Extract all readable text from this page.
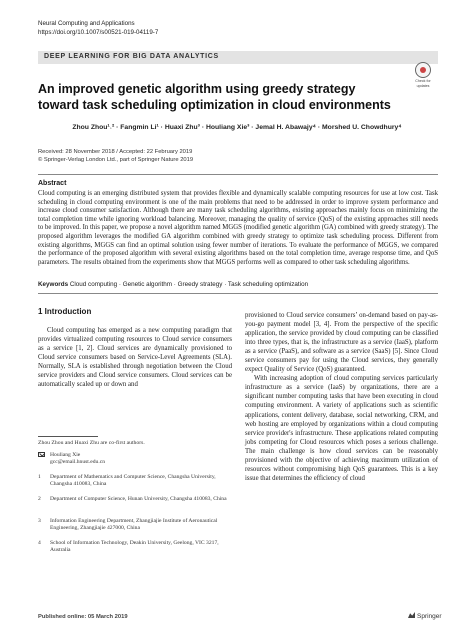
Neural Computing and Applications
https://doi.org/10.1007/s00521-019-04119-7
DEEP LEARNING FOR BIG DATA ANALYTICS
Check for
updates
An improved genetic algorithm using greedy strategy toward task scheduling optimization in cloud environments
Zhou Zhou¹˒² · Fangmin Li¹ · Huaxi Zhu³ · Houliang Xie³ · Jemal H. Abawajy⁴ · Morshed U. Chowdhury⁴
Received: 28 November 2018 / Accepted: 22 February 2019
© Springer-Verlag London Ltd., part of Springer Nature 2019
Abstract
Cloud computing is an emerging distributed system that provides flexible and dynamically scalable computing resources for use at low cost. Task scheduling in cloud computing environment is one of the main problems that need to be addressed in order to improve system performance and increase cloud consumer satisfaction. Although there are many task scheduling algorithms, existing approaches mainly focus on minimizing the total completion time while ignoring workload balancing. Moreover, managing the quality of service (QoS) of the existing approaches still needs to be improved. In this paper, we propose a novel algorithm named MGGS (modified genetic algorithm (GA) combined with greedy strategy). The proposed algorithm leverages the modified GA algorithm combined with greedy strategy to optimize task scheduling process. Different from existing algorithms, MGGS can find an optimal solution using fewer number of iterations. To evaluate the performance of MGGS, we compared the performance of the proposed algorithm with several existing algorithms based on the total completion time, average response time, and QoS parameters. The results obtained from the experiments show that MGGS performs well as compared to other task scheduling algorithms.
Keywords Cloud computing · Genetic algorithm · Greedy strategy · Task scheduling optimization
1 Introduction

Cloud computing has emerged as a new computing paradigm that provides virtualized computing resources to Cloud service consumers as a service [1, 2]. Cloud services are dynamically provisioned to Cloud service consumers based on Service-Level Agreements (SLA). Normally, SLA is established through negotiation between the Cloud service providers and Cloud service consumers. Cloud services can be automatically scaled up or down and

provisioned to Cloud service consumers’ on-demand based on pay-as-you-go payment model [3, 4]. From the perspective of the specific application, the service provided by cloud computing can be classified into three types, that is, the infrastructure as a service (IaaS), platform as a service (PaaS), and software as a service (SaaS) [5]. Since Cloud service consumers pay for using the Cloud services, they generally expect Quality of Service (QoS) guaranteed.

With increasing adoption of cloud computing services particularly infrastructure as a service (IaaS) by organizations, there are a significant number computing tasks that have been executing in cloud computing environment. A variety of applications such as scientific applications, content delivery, database, social networking, CRM, and web hosting are employed by organizations within a cloud computing service provider's infrastructure. These applications related computing jobs competing for Cloud resources which poses a serious challenge. The main challenge is how cloud services can be reasonably provisioned with the objective of achieving maximum utilization of resources without compromising high QoS guarantees. This is a key issue that determines the efficiency of cloud

Zhou Zhou and Huaxi Zhu are co-first authors.
Houliang Xie
gcc@email.hnust.edu.cn
1 Department of Mathematics and Computer Science, Changsha University, Changsha 410083, China
2 Department of Computer Science, Hunan University, Changsha 410083, China
3 Information Engineering Department, Zhangjiajie Institute of Aeronautical Engineering, Zhangjiajie 427000, China
4 School of Information Technology, Deakin University, Geelong, VIC 3217, Australia
Published online: 05 March 2019	Springer
